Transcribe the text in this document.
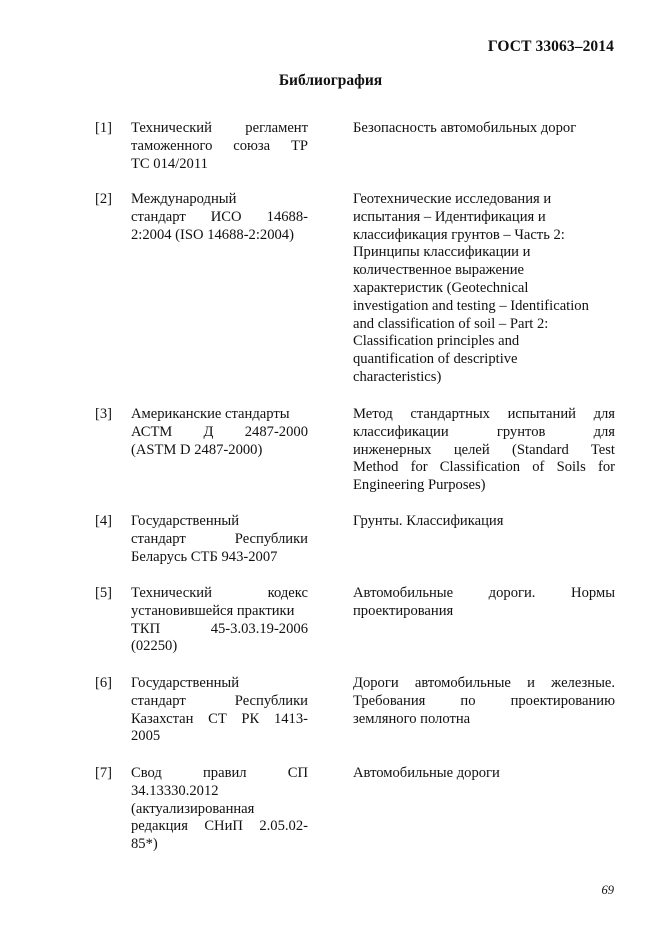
ГОСТ 33063–2014
Библиография
[1] Технический регламент
таможенного союза ТР
ТС 014/2011
Безопасность автомобильных дорог
[2] Международный
стандарт ИСО 14688-
2:2004 (ISO 14688-2:2004)
Геотехнические исследования и
испытания – Идентификация и
классификация грунтов – Часть 2:
Принципы классификации и
количественное выражение
характеристик (Geotechnical
investigation and testing – Identification
and classification of soil – Part 2:
Classification principles and
quantification of descriptive
characteristics)
[3] Американские стандарты
АСТМ Д 2487-2000
(ASTM D 2487-2000)
Метод стандартных испытаний для
классификации грунтов для
инженерных целей (Standard Test
Method for Classification of Soils for
Engineering Purposes)
[4] Государственный
стандарт Республики
Беларусь СТБ 943-2007
Грунты. Классификация
[5] Технический кодекс
установившейся практики
ТКП 45-3.03.19-2006
(02250)
Автомобильные дороги. Нормы
проектирования
[6] Государственный
стандарт Республики
Казахстан СТ РК 1413-
2005
Дороги автомобильные и железные.
Требования по проектированию
земляного полотна
[7] Свод правил СП
34.13330.2012
(актуализированная
редакция СНиП 2.05.02-
85*)
Автомобильные дороги
69
